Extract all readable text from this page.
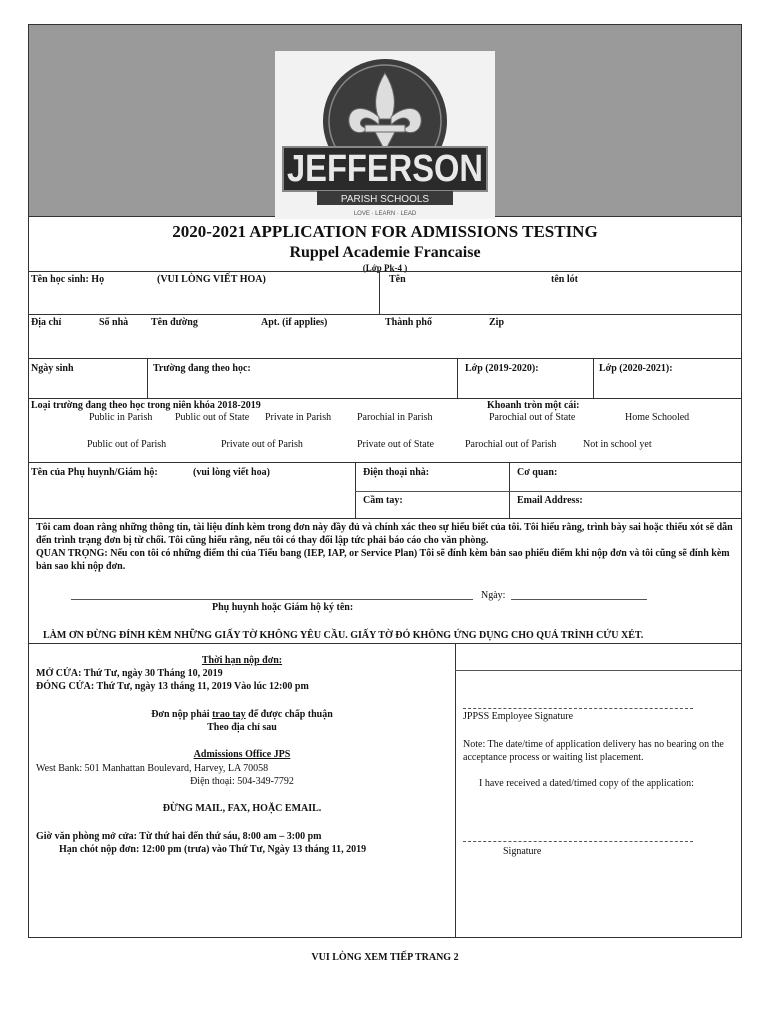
JEFFERSON
PARISH SCHOOLS
LOVE · LEARN · LEAD
2020-2021 APPLICATION FOR ADMISSIONS TESTING
Ruppel Academie Francaise
(Lớp Pk-4 )
Tên học sinh: Họ	(VUI LÒNG VIẾT HOA)	Tên	tên lót
Địa chỉ	Số nhà Tên đường	Apt. (if applies)	Thành phố	Zip
Ngày sinh	Trường đang theo học:	Lớp (2019-2020):	Lớp (2020-2021):
Loại trường đang theo học trong niên khóa 2018-2019	Khoanh tròn một cái:
Public in Parish Public out of State Private in Parish	Parochial in Parish	Parochial out of State	Home Schooled
Public out of Parish	Private out of Parish	Private out of State	Parochial out of Parish	Not in school yet
Tên của Phụ huynh/Giám hộ:	(vui lòng viết hoa)	Điện thoại nhà:	Cơ quan:
Cầm tay:	Email Address:
Tôi cam đoan rằng những thông tin, tài liệu đính kèm trong đơn này đầy đủ và chính xác theo sự hiểu biết của tôi. Tôi hiểu rằng, trình bày sai hoặc thiếu xót sẽ dẫn đến trình trạng đơn bị từ chối. Tôi cũng hiểu rằng, nếu tôi có thay đổi lập tức phải báo cáo cho văn phòng.
QUAN TRỌNG: Nếu con tôi có những điểm thi của Tiểu bang (IEP, IAP, or Service Plan) Tôi sẽ đính kèm bản sao phiếu điểm khi nộp đơn và tôi cũng sẽ đính kèm bản sao khi nộp đơn.
Ngày:
Phụ huynh hoặc Giám hộ ký tên:
LÀM ƠN ĐỪNG ĐÍNH KÈM NHỮNG GIẤY TỜ KHÔNG YÊU CẦU. GIẤY TỜ ĐÓ KHÔNG ỨNG DỤNG CHO QUÁ TRÌNH CỨU XÉT.
Thời hạn nộp đơn:
MỞ CỬA: Thứ Tư, ngày 30 Tháng 10, 2019
ĐÓNG CỬA: Thứ Tư, ngày 13 tháng 11, 2019 Vào lúc 12:00 pm
Đơn nộp phải trao tay để được chấp thuận
Theo địa chỉ sau
Admissions Office JPS
West Bank: 501 Manhattan Boulevard, Harvey, LA 70058
Điện thoại: 504-349-7792
ĐỪNG MAIL, FAX, HOẶC EMAIL.
Giờ văn phòng mở cửa: Từ thứ hai đến thứ sáu, 8:00 am – 3:00 pm
Hạn chót nộp đơn: 12:00 pm (trưa) vào Thứ Tư, Ngày 13 tháng 11, 2019
JPPSS Employee Signature
Note: The date/time of application delivery has no bearing on the acceptance process or waiting list placement.
I have received a dated/timed copy of the application:
Signature
VUI LÒNG XEM TIẾP TRANG 2
